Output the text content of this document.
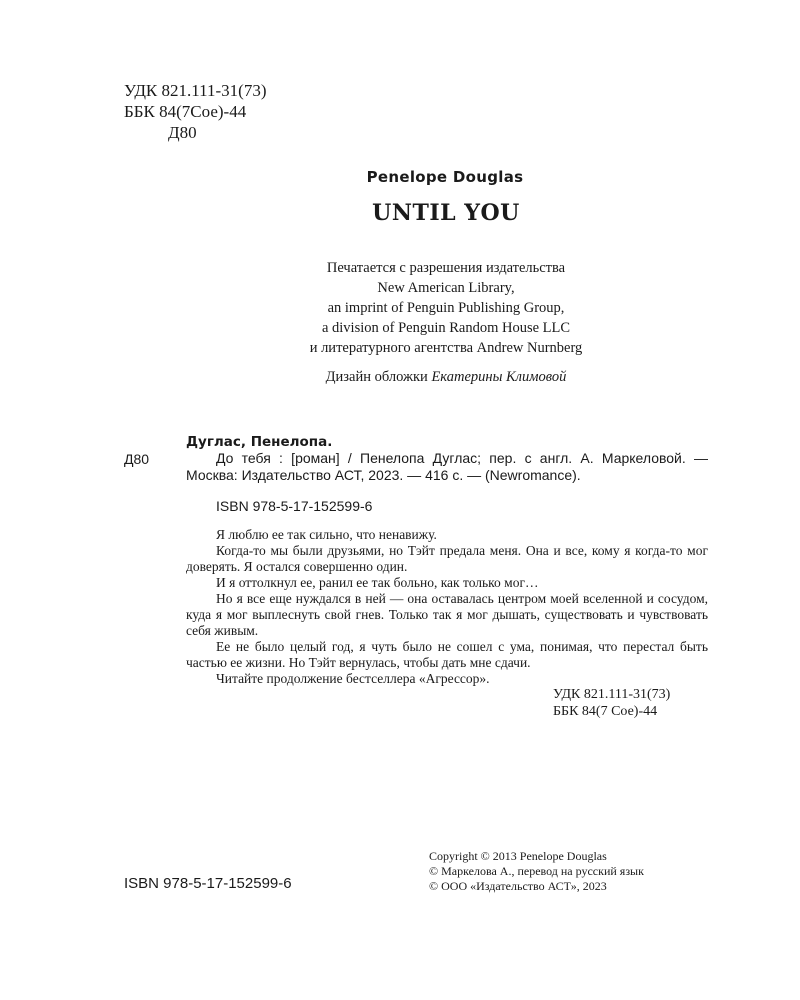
УДК 821.111-31(73)
ББК 84(7Сое)-44
Д80
Penelope Douglas
UNTIL YOU
Печатается с разрешения издательства
New American Library,
an imprint of Penguin Publishing Group,
a division of Penguin Random House LLC
и литературного агентства Andrew Nurnberg
Дизайн обложки Екатерины Климовой
Дуглас, Пенелопа.
Д80	До тебя : [роман] / Пенелопа Дуглас; пер. с англ. А. Маркеловой. — Москва: Издательство АСТ, 2023. — 416 с. — (Newromance).

ISBN 978-5-17-152599-6

Я люблю ее так сильно, что ненавижу.

Когда-то мы были друзьями, но Тэйт предала меня. Она и все, кому я когда-то мог доверять. Я остался совершенно один.

И я оттолкнул ее, ранил ее так больно, как только мог…

Но я все еще нуждался в ней — она оставалась центром моей вселенной и сосудом, куда я мог выплеснуть свой гнев. Только так я мог дышать, существовать и чувствовать себя живым.

Ее не было целый год, я чуть было не сошел с ума, понимая, что перестал быть частью ее жизни. Но Тэйт вернулась, чтобы дать мне сдачи.

Читайте продолжение бестселлера «Агрессор».

УДК 821.111-31(73)
ББК 84(7 Сое)-44
ISBN 978-5-17-152599-6
Copyright © 2013 Penelope Douglas
© Маркелова А., перевод на русский язык
© ООО «Издательство АСТ», 2023
